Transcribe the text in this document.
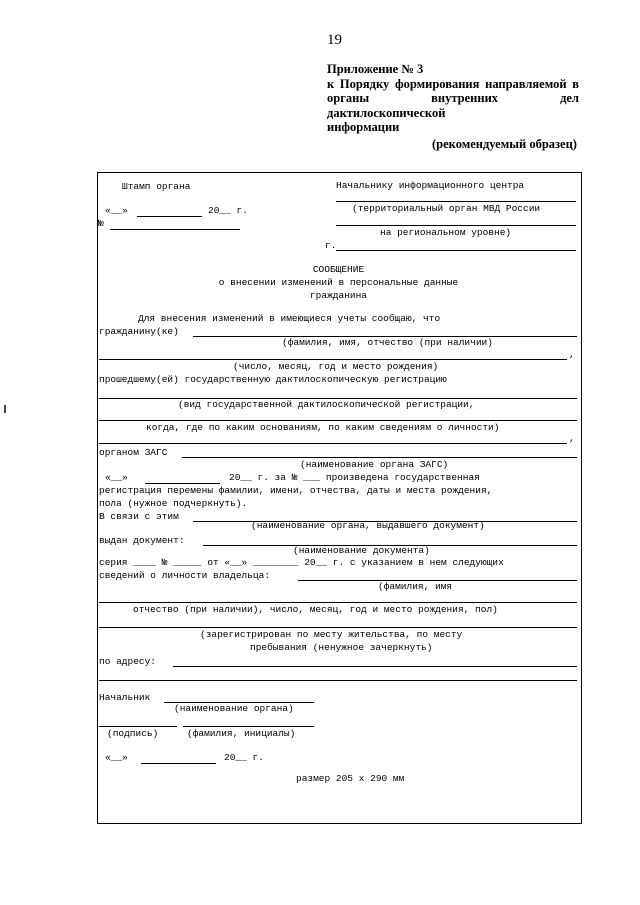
19
Приложение № 3
к Порядку формирования направляемой в
органы внутренних дел дактилоскопической
информации
(рекомендуемый образец)
Штамп органа
«__»	20__ г.
№
Начальнику информационного центра
(территориальный орган МВД России
на региональном уровне)
г.
СООБЩЕНИЕ
о внесении изменений в персональные данные
гражданина
Для внесения изменений в имеющиеся учеты сообщаю, что
гражданину(ке)
(фамилия, имя, отчество (при наличии)
,
(число, месяц, год и место рождения)
прошедшему(ей) государственную дактилоскопическую регистрацию
(вид государственной дактилоскопической регистрации,
когда, где по каким основаниям, по каким сведениям о личности)
,
органом ЗАГС
(наименование органа ЗАГС)
«__»	20__ г. за № ___ произведена государственная
регистрация перемены фамилии, имени, отчества, даты и места рождения,
пола (нужное подчеркнуть).
В связи с этим
(наименование органа, выдавшего документ)
выдан документ:
(наименование документа)
серия ____ № _____ от «__» ________ 20__ г. с указанием в нем следующих
сведений о личности владельца:
(фамилия, имя
отчество (при наличии), число, месяц, год и место рождения, пол)
(зарегистрирован по месту жительства, по месту
пребывания (ненужное зачеркнуть)
по адресу:
Начальник
(наименование органа)
(подпись)	(фамилия, инициалы)
«__»	20__ г.
размер 205 x 290 мм
